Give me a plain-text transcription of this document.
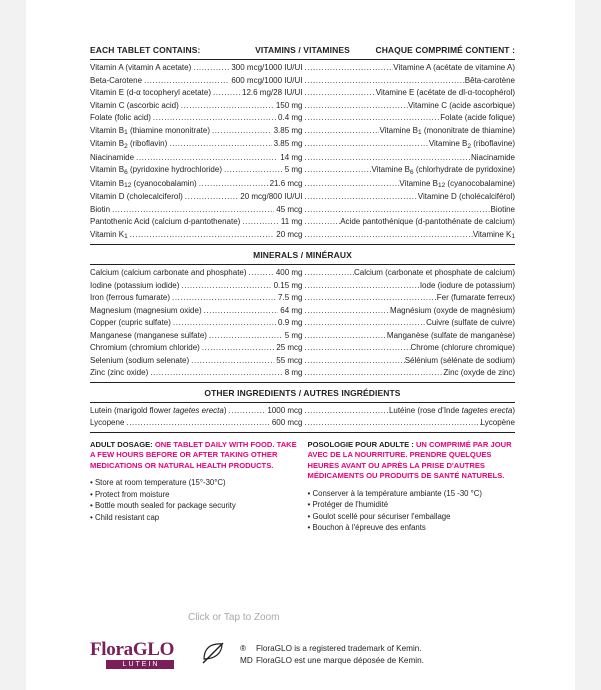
EACH TABLET CONTAINS:	VITAMINS / VITAMINES	CHAQUE COMPRIMÉ CONTIENT :
Vitamin A (vitamin A acetate) .....	300 mcg/1000 IU/UI .....	Vitamine A (acétate de vitamine A)
Beta-Carotene .....	600 mcg/1000 IU/UI .....	Bêta-carotène
Vitamin E (d-α tocopheryl acetate) .....	12.6 mg/28 IU/UI .....	Vitamine E (acétate de dl-α-tocophérol)
Vitamin C (ascorbic acid) .....	150 mg .....	Vitamine C (acide ascorbique)
Folate (folic acid) .....	0.4 mg .....	Folate (acide folique)
Vitamin $B_1$ (thiamine mononitrate) .....	3.85 mg .....	Vitamine $B_1$ (mononitrate de thiamine)
Vitamin $B_2$ (riboflavin) .....	3.85 mg .....	Vitamine $B_2$ (riboflavine)
Niacinamide .....	14 mg .....	Niacinamide
Vitamin $B_6$ (pyridoxine hydrochloride) .....	5 mg .....	Vitamine $B_6$ (chlorhydrate de pyridoxine)
Vitamin $B_{12}$ (cyanocobalamin) .....	21.6 mcg .....	Vitamine $B_{12}$ (cyanocobalamine)
Vitamin D (cholecalciferol) .....	20 mcg/800 IU/UI .....	Vitamine D (cholécalciférol)
Biotin .....	45 mcg .....	Biotine
Pantothenic Acid (calcium d-pantothenate) .....	11 mg .....	Acide pantothénique (d-pantothénate de calcium)
Vitamin $K_1$ .....	20 mcg .....	Vitamine $K_1$
MINERALS / MINÉRAUX
Calcium (calcium carbonate and phosphate) .....	400 mg .....	Calcium (carbonate et phosphate de calcium)
Iodine (potassium iodide) .....	0.15 mg .....	Iode (iodure de potassium)
Iron (ferrous fumarate) .....	7.5 mg .....	Fer (fumarate ferreux)
Magnesium (magnesium oxide) .....	64 mg .....	Magnésium (oxyde de magnésium)
Copper (cupric sulfate) .....	0.9 mg .....	Cuivre (sulfate de cuivre)
Manganese (manganese sulfate) .....	5 mg .....	Manganèse (sulfate de manganèse)
Chromium (chromium chloride) .....	25 mcg .....	Chrome (chlorure chromique)
Selenium (sodium selenate) .....	55 mcg .....	Sélénium (sélénate de sodium)
Zinc (zinc oxide) .....	8 mg .....	Zinc (oxyde de zinc)
OTHER INGREDIENTS / AUTRES INGRÉDIENTS
Lutein (marigold flower tagetes erecta) .....	1000 mcg .....	Lutéine (rose d'Inde tagetes erecta)
Lycopene .....	600 mcg .....	Lycopène
ADULT DOSAGE: ONE TABLET DAILY WITH FOOD. TAKE A FEW HOURS BEFORE OR AFTER TAKING OTHER MEDICATIONS OR NATURAL HEALTH PRODUCTS.
• Store at room temperature (15°-30°C)
• Protect from moisture
• Bottle mouth sealed for package security
• Child resistant cap
POSOLOGIE POUR ADULTE : UN COMPRIMÉ PAR JOUR AVEC DE LA NOURRITURE. PRENDRE QUELQUES HEURES AVANT OU APRÈS LA PRISE D'AUTRES MÉDICAMENTS OU PRODUITS DE SANTÉ NATURELS.
• Conserver à la température ambiante (15 -30 °C)
• Protéger de l'humidité
• Goulot scellé pour sécuriser l'emballage
• Bouchon à l'épreuve des enfants
Click or Tap to Zoom
FloraGLO
LUTEIN
® FloraGLO is a registered trademark of Kemin.
MD FloraGLO est une marque déposée de Kemin.
